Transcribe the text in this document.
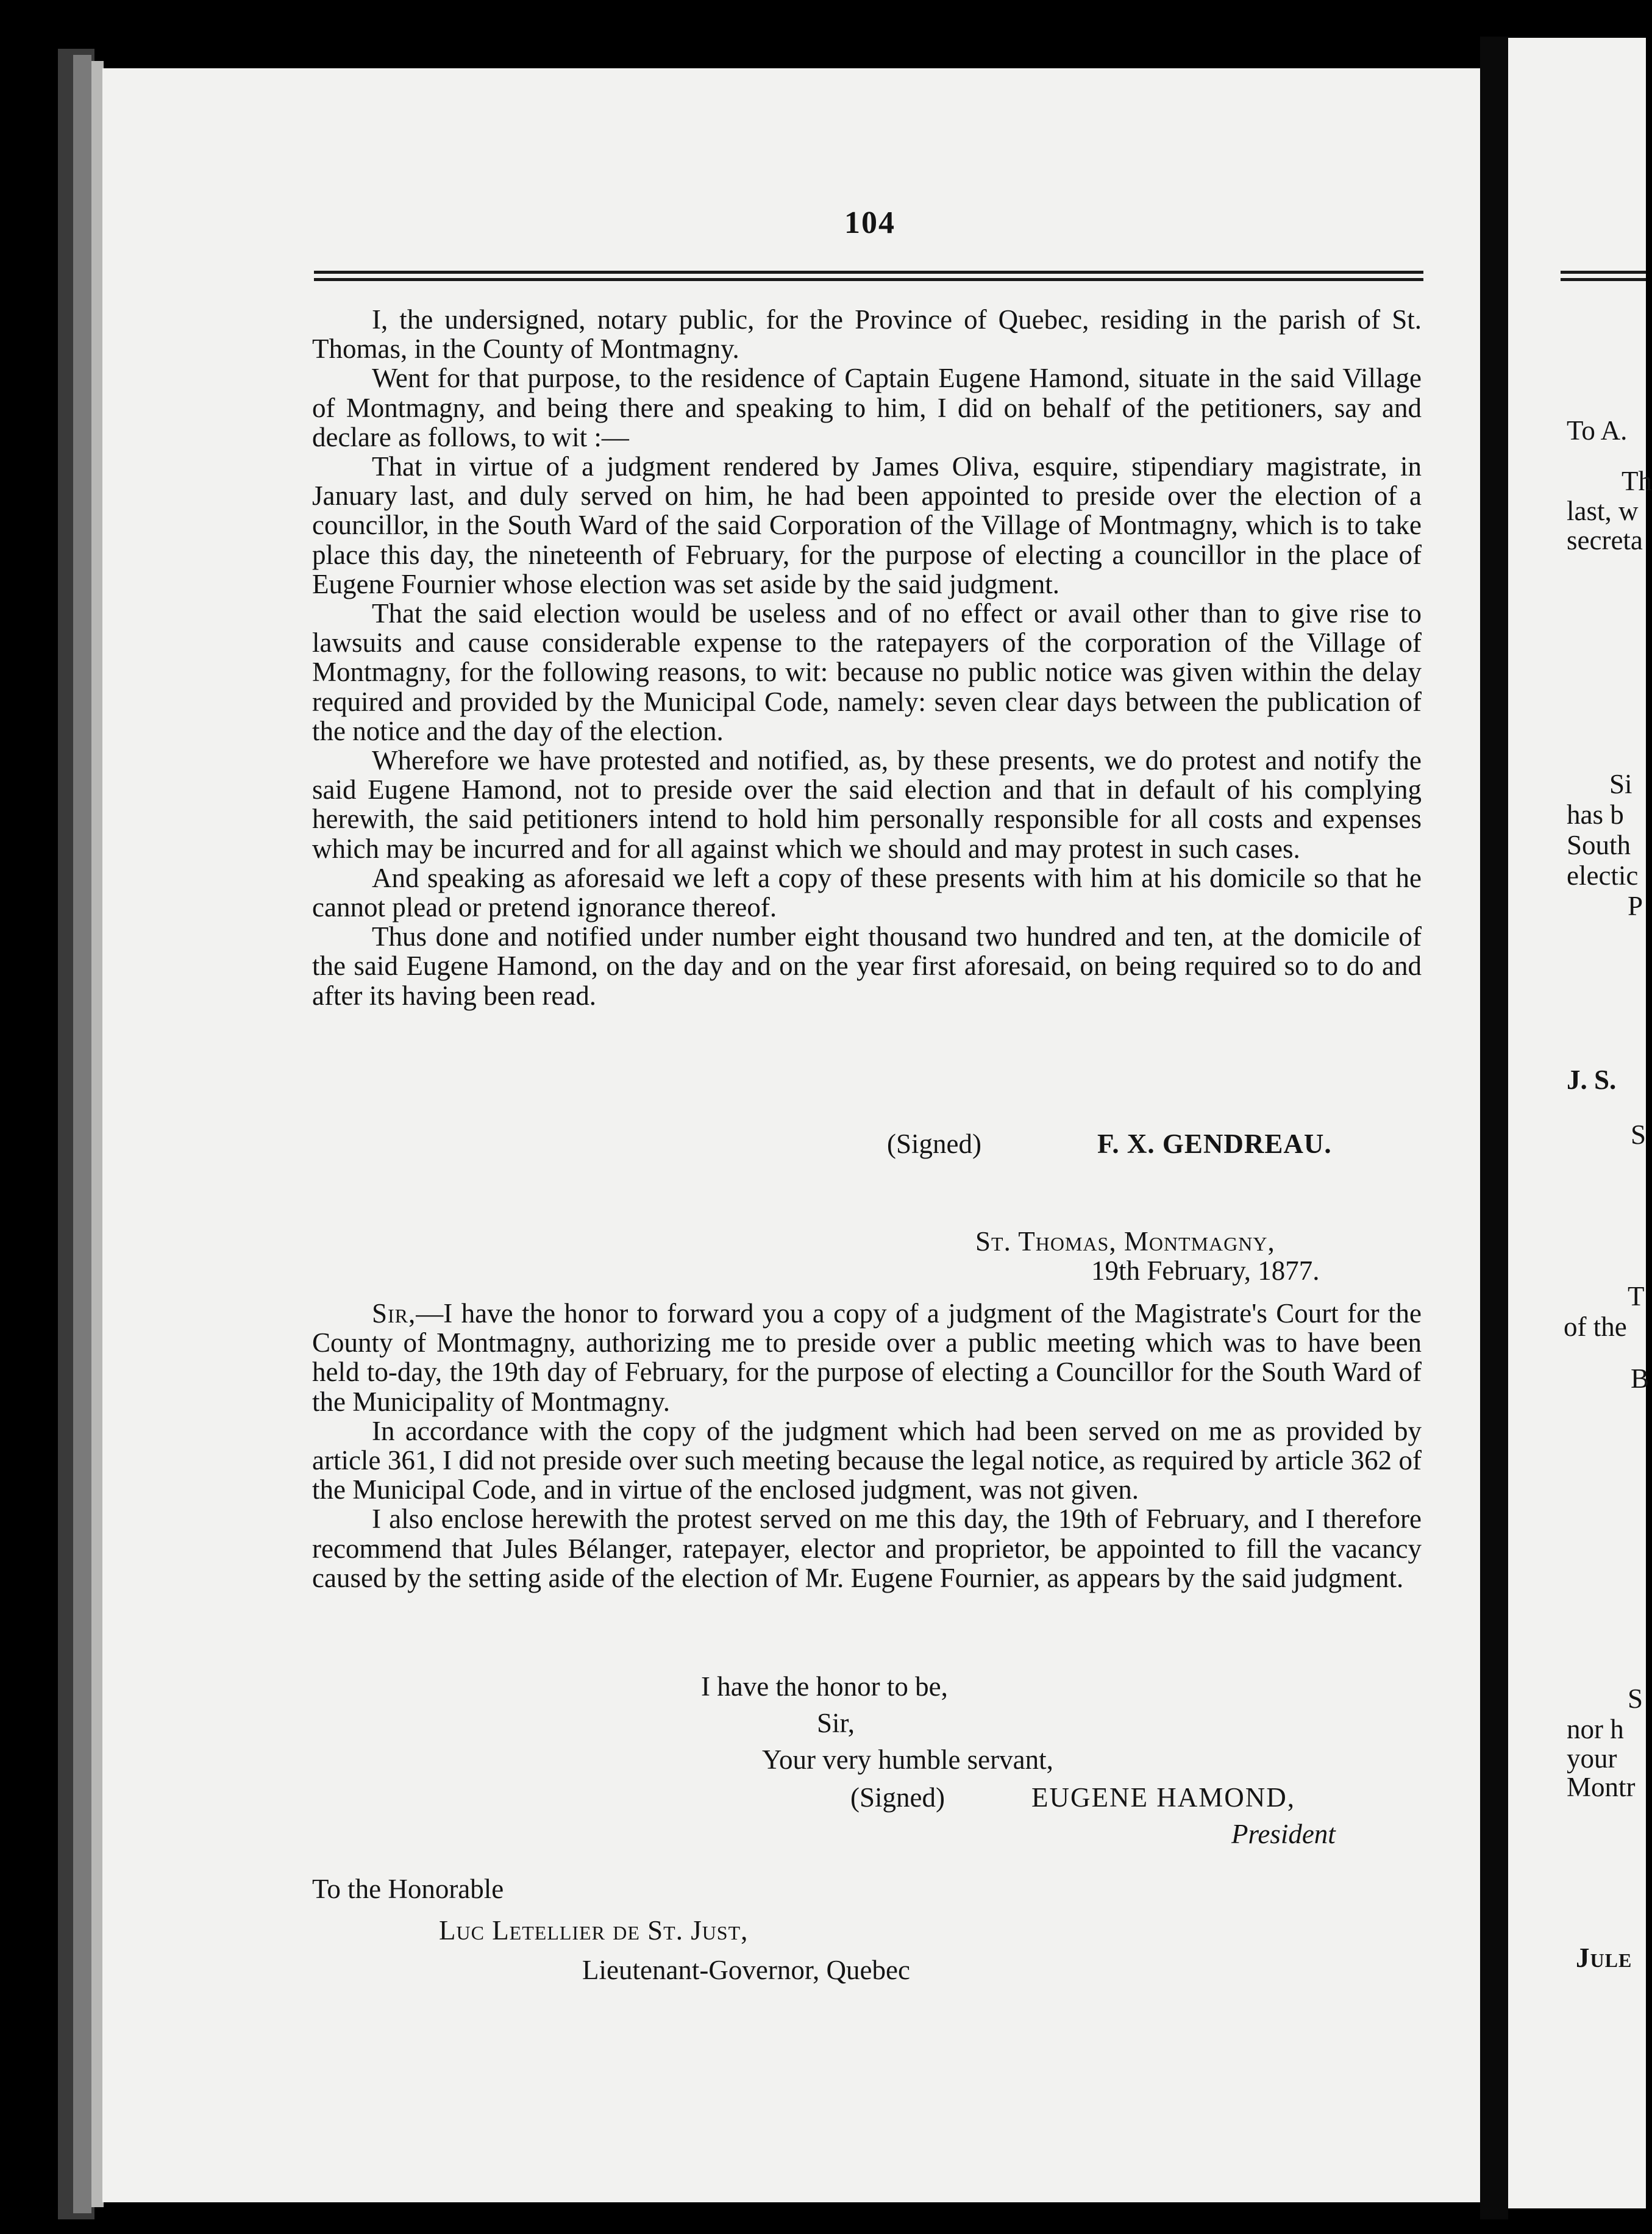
104

I, the undersigned, notary public, for the Province of Quebec, residing in the parish of St. Thomas, in the County of Montmagny.

Went for that purpose, to the residence of Captain Eugene Hamond, situate in the said Village of Montmagny, and being there and speaking to him, I did on behalf of the petitioners, say and declare as follows, to wit :—

That in virtue of a judgment rendered by James Oliva, esquire, stipendiary magistrate, in January last, and duly served on him, he had been appointed to preside over the election of a councillor, in the South Ward of the said Corporation of the Village of Montmagny, which is to take place this day, the nineteenth of February, for the purpose of electing a councillor in the place of Eugene Fournier whose election was set aside by the said judgment.

That the said election would be useless and of no effect or avail other than to give rise to lawsuits and cause considerable expense to the ratepayers of the corporation of the Village of Montmagny, for the following reasons, to wit: because no public notice was given within the delay required and provided by the Municipal Code, namely: seven clear days between the publication of the notice and the day of the election.

Wherefore we have protested and notified, as, by these presents, we do protest and notify the said Eugene Hamond, not to preside over the said election and that in default of his complying herewith, the said petitioners intend to hold him personally responsible for all costs and expenses which may be incurred and for all against which we should and may protest in such cases.

And speaking as aforesaid we left a copy of these presents with him at his domicile so that he cannot plead or pretend ignorance thereof.

Thus done and notified under number eight thousand two hundred and ten, at the domicile of the said Eugene Hamond, on the day and on the year first aforesaid, on being required so to do and after its having been read.

(Signed)	F. X. GENDREAU.
St. Thomas, Montmagny,
19th February, 1877.

Sir,—I have the honor to forward you a copy of a judgment of the Magistrate's Court for the County of Montmagny, authorizing me to preside over a public meeting which was to have been held to-day, the 19th day of February, for the purpose of electing a Councillor for the South Ward of the Municipality of Montmagny.

In accordance with the copy of the judgment which had been served on me as provided by article 361, I did not preside over such meeting because the legal notice, as required by article 362 of the Municipal Code, and in virtue of the enclosed judgment, was not given.

I also enclose herewith the protest served on me this day, the 19th of February, and I therefore recommend that Jules Bélanger, ratepayer, elector and proprietor, be appointed to fill the vacancy caused by the setting aside of the election of Mr. Eugene Fournier, as appears by the said judgment.

I have the honor to be,
Sir,
Your very humble servant,
(Signed)	EUGENE HAMOND,
President
To the Honorable
Luc Letellier de St. Just,
Lieutenant-Governor, Quebec
To A.
Th
last, w
secreta
Si
has b
South
electic
P
J. S.
S
T
of the
B
S
nor h
your
Montr
Jule
